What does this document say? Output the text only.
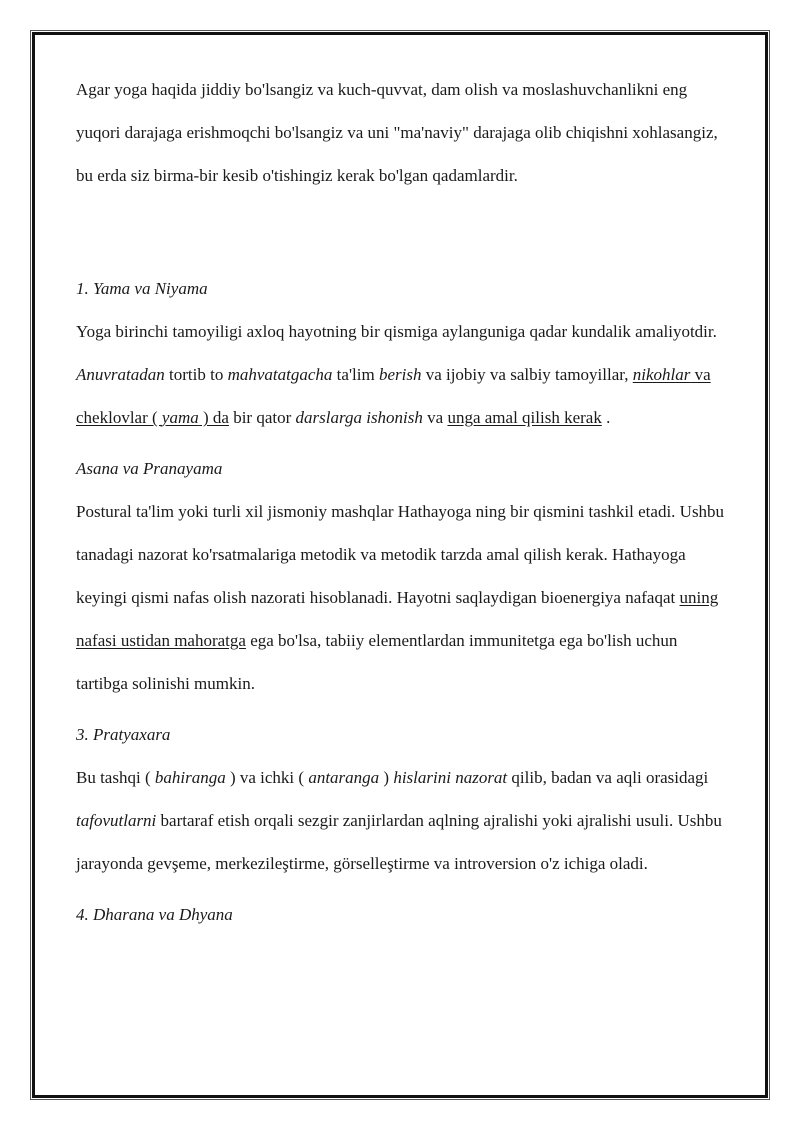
Agar yoga haqida jiddiy bo'lsangiz va kuch-quvvat, dam olish va moslashuvchanlikni eng yuqori darajaga erishmoqchi bo'lsangiz va uni "ma'naviy" darajaga olib chiqishni xohlasangiz, bu erda siz birma-bir kesib o'tishingiz kerak bo'lgan qadamlardir.

1. Yama va Niyama

Yoga birinchi tamoyiligi axloq hayotning bir qismiga aylanguniga qadar kundalik amaliyotdir. Anuvratadan tortib to mahvatatgacha ta'lim berish va ijobiy va salbiy tamoyillar, nikohlar va cheklovlar ( yama ) da bir qator darslarga ishonish va unga amal qilish kerak .

Asana va Pranayama

Postural ta'lim yoki turli xil jismoniy mashqlar Hathayoga ning bir qismini tashkil etadi. Ushbu tanadagi nazorat ko'rsatmalariga metodik va metodik tarzda amal qilish kerak. Hathayoga keyingi qismi nafas olish nazorati hisoblanadi. Hayotni saqlaydigan bioenergiya nafaqat uning nafasi ustidan mahoratga ega bo'lsa, tabiiy elementlardan immunitetga ega bo'lish uchun tartibga solinishi mumkin.

3. Pratyaxara

Bu tashqi ( bahiranga ) va ichki ( antaranga ) hislarini nazorat qilib, badan va aqli orasidagi tafovutlarni bartaraf etish orqali sezgir zanjirlardan aqlning ajralishi yoki ajralishi usuli. Ushbu jarayonda gevşeme, merkezileştirme, görselleştirme va introversion o'z ichiga oladi.

4. Dharana va Dhyana
